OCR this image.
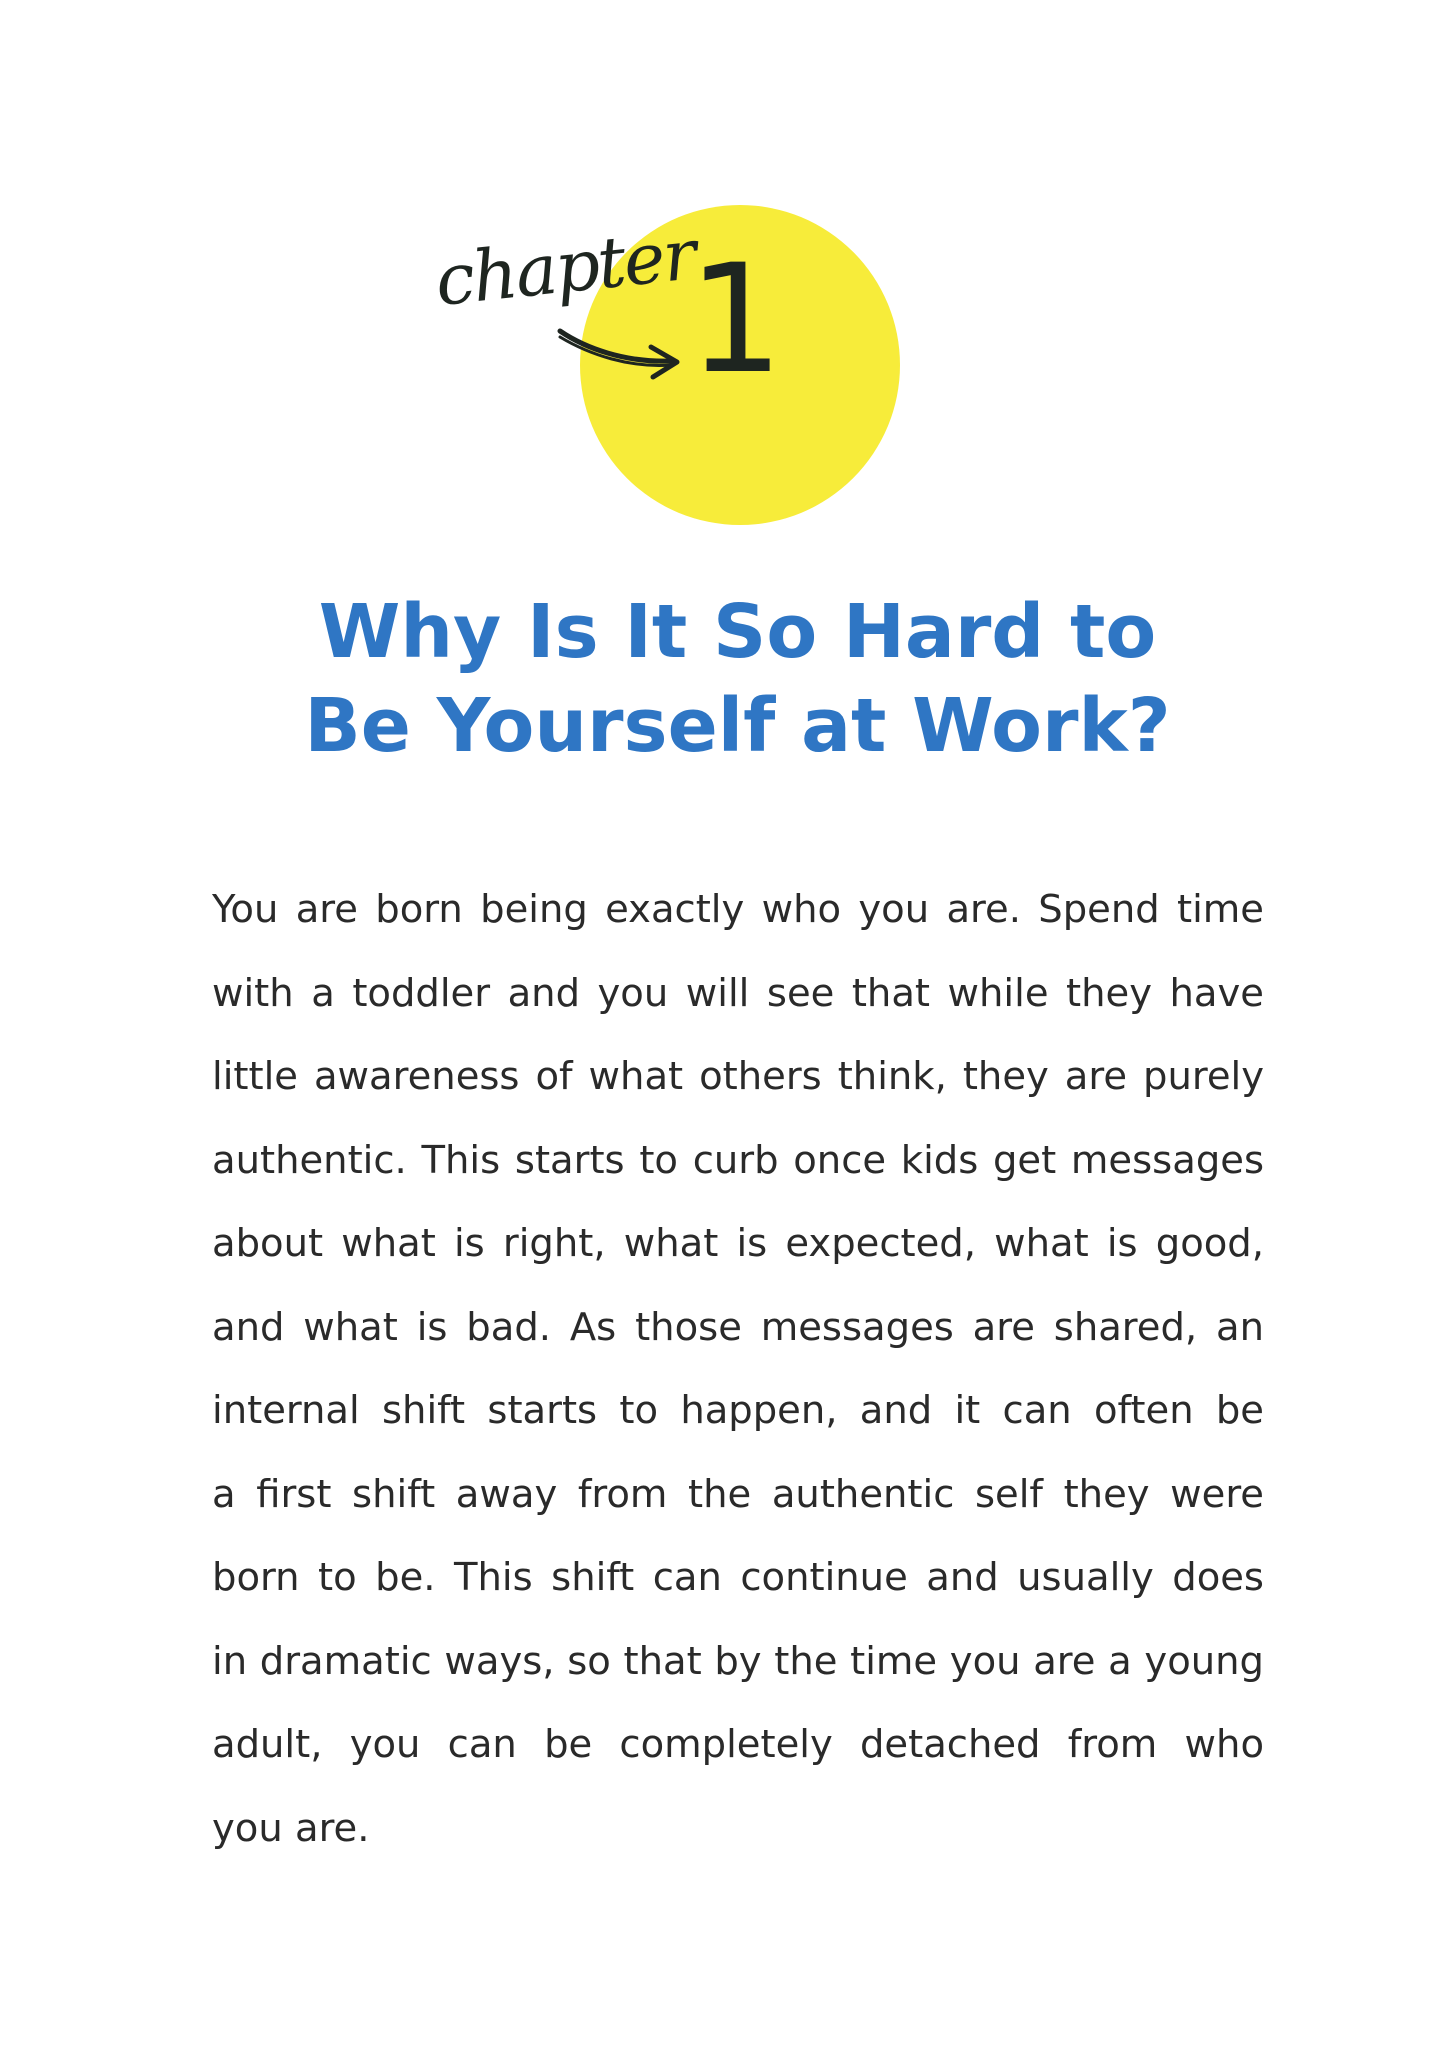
chapter
1
Why Is It So Hard to
Be Yourself at Work?
You are born being exactly who you are. Spend time
with a toddler and you will see that while they have
little awareness of what others think, they are purely
authentic. This starts to curb once kids get messages
about what is right, what is expected, what is good,
and what is bad. As those messages are shared, an
internal shift starts to happen, and it can often be
a first shift away from the authentic self they were
born to be. This shift can continue and usually does
in dramatic ways, so that by the time you are a young
adult, you can be completely detached from who
you are.
